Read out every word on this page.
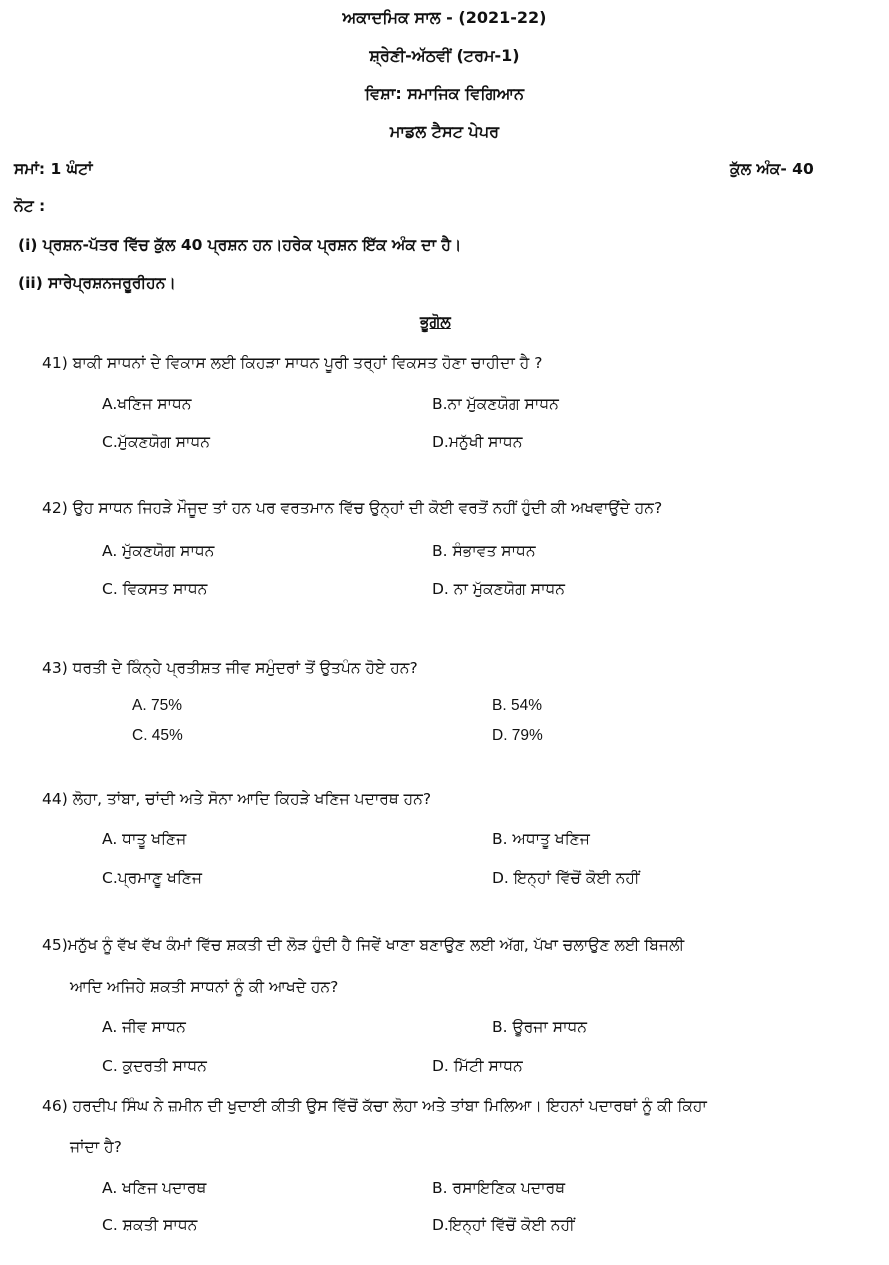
ਅਕਾਦਮਿਕ ਸਾਲ - (2021-22)
ਸ਼੍ਰੇਣੀ-ਅੱਠਵੀਂ (ਟਰਮ-1)
ਵਿਸ਼ਾ: ਸਮਾਜਿਕ ਵਿਗਿਆਨ
ਮਾਡਲ ਟੈਸਟ ਪੇਪਰ
ਸਮਾਂ: 1 ਘੰਟਾਂ	ਕੁੱਲ ਅੰਕ- 40
ਨੋਟ :
(i) ਪ੍ਰਸ਼ਨ-ਪੱਤਰ ਵਿੱਚ ਕੁੱਲ 40 ਪ੍ਰਸ਼ਨ ਹਨ।ਹਰੇਕ ਪ੍ਰਸ਼ਨ ਇੱਕ ਅੰਕ ਦਾ ਹੈ।
(ii) ਸਾਰੇਪ੍ਰਸ਼ਨਜਰੂਰੀਹਨ।
ਭੂਗੋਲ
41) ਬਾਕੀ ਸਾਧਨਾਂ ਦੇ ਵਿਕਾਸ ਲਈ ਕਿਹੜਾ ਸਾਧਨ ਪੂਰੀ ਤਰ੍ਹਾਂ ਵਿਕਸਤ ਹੋਣਾ ਚਾਹੀਦਾ ਹੈ ?
A.ਖਣਿਜ ਸਾਧਨ	B.ਨਾ ਮੁੱਕਣਯੋਗ ਸਾਧਨ
C.ਮੁੱਕਣਯੋਗ ਸਾਧਨ	D.ਮਨੁੱਖੀ ਸਾਧਨ
42) ਉਹ ਸਾਧਨ ਜਿਹੜੇ ਮੌਜੂਦ ਤਾਂ ਹਨ ਪਰ ਵਰਤਮਾਨ ਵਿੱਚ ਉਨ੍ਹਾਂ ਦੀ ਕੋਈ ਵਰਤੋਂ ਨਹੀਂ ਹੁੰਦੀ ਕੀ ਅਖਵਾਉਂਦੇ ਹਨ?
A. ਮੁੱਕਣਯੋਗ ਸਾਧਨ	B. ਸੰਭਾਵਤ ਸਾਧਨ
C. ਵਿਕਸਤ ਸਾਧਨ	D. ਨਾ ਮੁੱਕਣਯੋਗ ਸਾਧਨ
43) ਧਰਤੀ ਦੇ ਕਿੰਨ੍ਹੇ ਪ੍ਰਤੀਸ਼ਤ ਜੀਵ ਸਮੁੰਦਰਾਂ ਤੋਂ ਉਤਪੰਨ ਹੋਏ ਹਨ?
A. 75%	B. 54%
C. 45%	D. 79%
44) ਲੋਹਾ, ਤਾਂਬਾ, ਚਾਂਦੀ ਅਤੇ ਸੋਨਾ ਆਦਿ ਕਿਹੜੇ ਖਣਿਜ ਪਦਾਰਥ ਹਨ?
A. ਧਾਤੂ ਖਣਿਜ	B. ਅਧਾਤੂ ਖਣਿਜ
C.ਪ੍ਰਮਾਣੂ ਖਣਿਜ	D. ਇਨ੍ਹਾਂ ਵਿੱਚੋਂ ਕੋਈ ਨਹੀਂ
45)ਮਨੁੱਖ ਨੂੰ ਵੱਖ ਵੱਖ ਕੰਮਾਂ ਵਿੱਚ ਸ਼ਕਤੀ ਦੀ ਲੋੜ ਹੁੰਦੀ ਹੈ ਜਿਵੇਂ ਖਾਣਾ ਬਣਾਉਣ ਲਈ ਅੱਗ, ਪੱਖਾ ਚਲਾਉਣ ਲਈ ਬਿਜਲੀ
ਆਦਿ ਅਜਿਹੇ ਸ਼ਕਤੀ ਸਾਧਨਾਂ ਨੂੰ ਕੀ ਆਖਦੇ ਹਨ?
A. ਜੀਵ ਸਾਧਨ	B. ਊਰਜਾ ਸਾਧਨ
C. ਕੁਦਰਤੀ ਸਾਧਨ	D. ਮਿੱਟੀ ਸਾਧਨ
46) ਹਰਦੀਪ ਸਿੰਘ ਨੇ ਜ਼ਮੀਨ ਦੀ ਖੁਦਾਈ ਕੀਤੀ ਉਸ ਵਿੱਚੋਂ ਕੱਚਾ ਲੋਹਾ ਅਤੇ ਤਾਂਬਾ ਮਿਲਿਆ। ਇਹਨਾਂ ਪਦਾਰਥਾਂ ਨੂੰ ਕੀ ਕਿਹਾ
ਜਾਂਦਾ ਹੈ?
A. ਖਣਿਜ ਪਦਾਰਥ	B. ਰਸਾਇਣਿਕ ਪਦਾਰਥ
C. ਸ਼ਕਤੀ ਸਾਧਨ	D.ਇਨ੍ਹਾਂ ਵਿੱਚੋਂ ਕੋਈ ਨਹੀਂ
